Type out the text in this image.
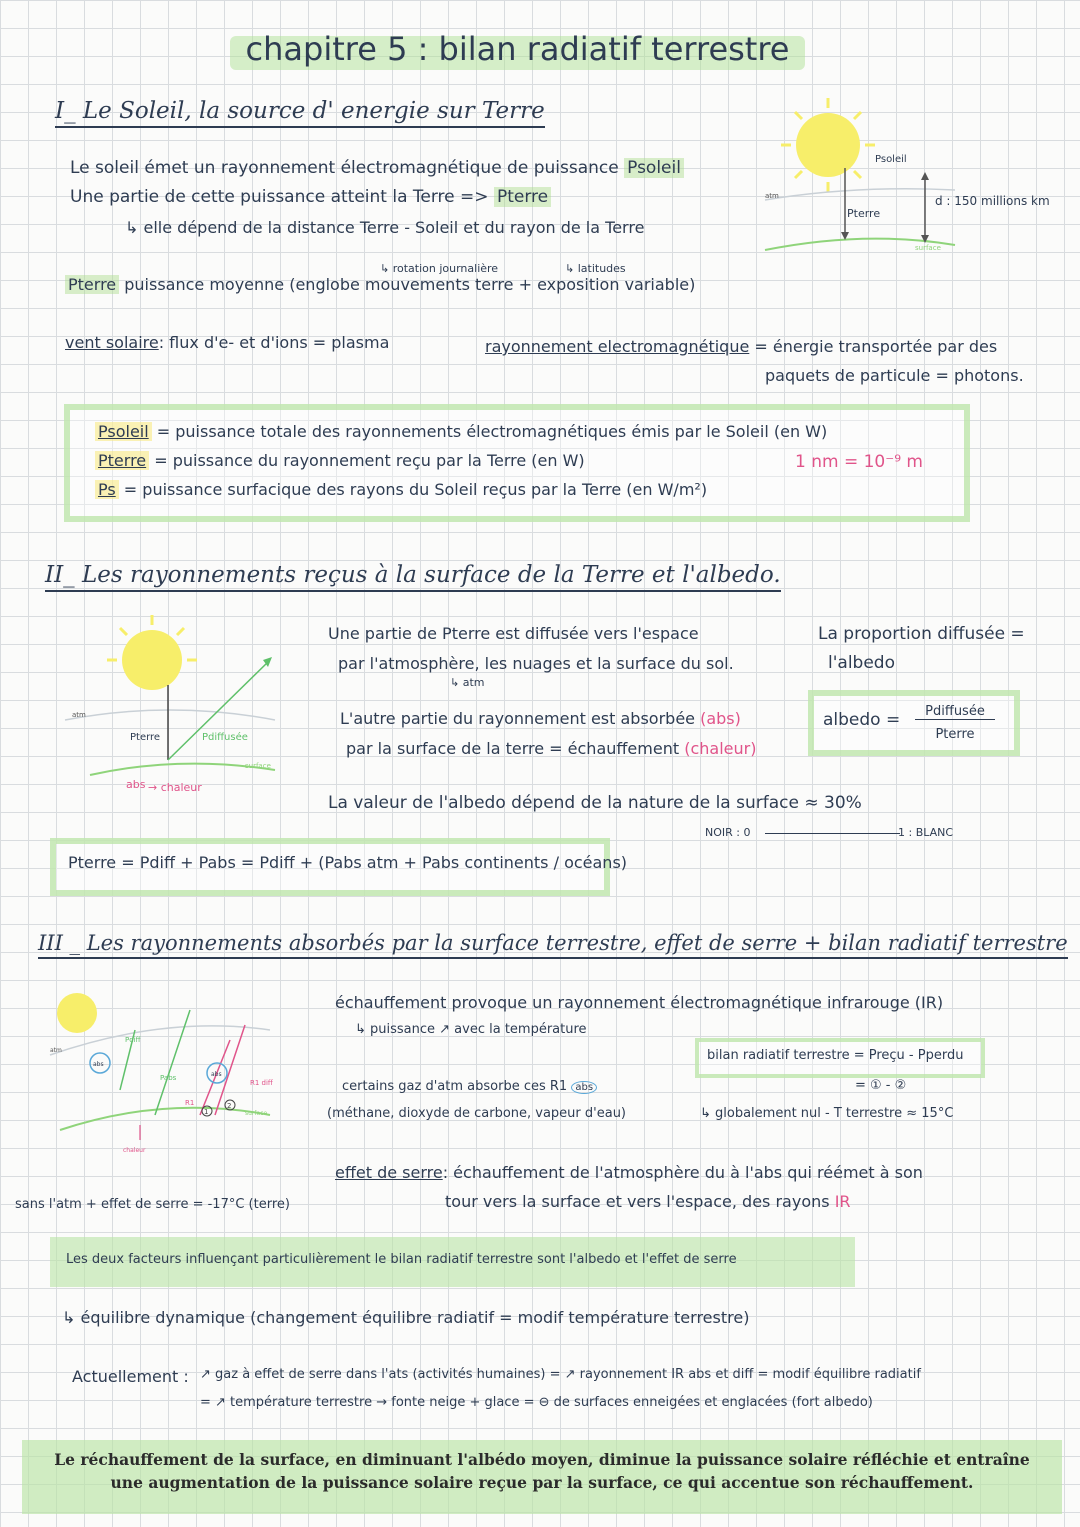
chapitre 5 : bilan radiatif terrestre
I_ Le Soleil, la source d' energie sur Terre
Le soleil émet un rayonnement électromagnétique de puissance Psoleil
Une partie de cette puissance atteint la Terre => Pterre
↳ elle dépend de la distance Terre - Soleil et du rayon de la Terre
↳ rotation journalière	↳ latitudes
Pterre puissance moyenne (englobe mouvements terre + exposition variable)
vent solaire: flux d'e- et d'ions = plasma	rayonnement electromagnétique = énergie transportée par des
paquets de particule = photons.
Psoleil
Pterre
d : 150 millions km
atm
surface
Psoleil = puissance totale des rayonnements électromagnétiques émis par le Soleil (en W)
Pterre = puissance du rayonnement reçu par la Terre (en W)
Ps = puissance surfacique des rayons du Soleil reçus par la Terre (en W/m²)
1 nm = 10⁻⁹ m
II_ Les rayonnements reçus à la surface de la Terre et l'albedo.
atm
Pterre	Pdiffusée
surface
abs → chaleur
Une partie de Pterre est diffusée vers l'espace
par l'atmosphère, les nuages et la surface du sol.
↳ atm
L'autre partie du rayonnement est absorbée (abs)
par la surface de la terre = échauffement (chaleur)
La proportion diffusée =
l'albedo
albedo =	Pdiffusée
Pterre
La valeur de l'albedo dépend de la nature de la surface ≈ 30%
NOIR : 0	1 : BLANC
Pterre = Pdiff + Pabs = Pdiff + (Pabs atm + Pabs continents / océans)
III _ Les rayonnements absorbés par la surface terrestre, effet de serre + bilan radiatif terrestre
abs
Pdiff
Pabs	abs
R1 diff
R1
1
2
atm
surface
chaleur
échauffement provoque un rayonnement électromagnétique infrarouge (IR)
↳ puissance ↗ avec la température
bilan radiatif terrestre = Preçu - Pperdu
= ① - ②
↳ globalement nul - T terrestre ≈ 15°C
certains gaz d'atm absorbe ces R1 abs
(méthane, dioxyde de carbone, vapeur d'eau)
effet de serre: échauffement de l'atmosphère du à l'abs qui réémet à son
tour vers la surface et vers l'espace, des rayons IR
sans l'atm + effet de serre = -17°C (terre)
Les deux facteurs influençant particulièrement le bilan radiatif terrestre sont l'albedo et l'effet de serre
↳ équilibre dynamique (changement équilibre radiatif = modif température terrestre)
Actuellement : ↗ gaz à effet de serre dans l'ats (activités humaines) = ↗ rayonnement IR abs et diff = modif équilibre radiatif
= ↗ température terrestre → fonte neige + glace = ⊖ de surfaces enneigées et englacées (fort albedo)
Le réchauffement de la surface, en diminuant l'albédo moyen, diminue la puissance solaire réfléchie et entraîne une augmentation de la puissance solaire reçue par la surface, ce qui accentue son réchauffement.
